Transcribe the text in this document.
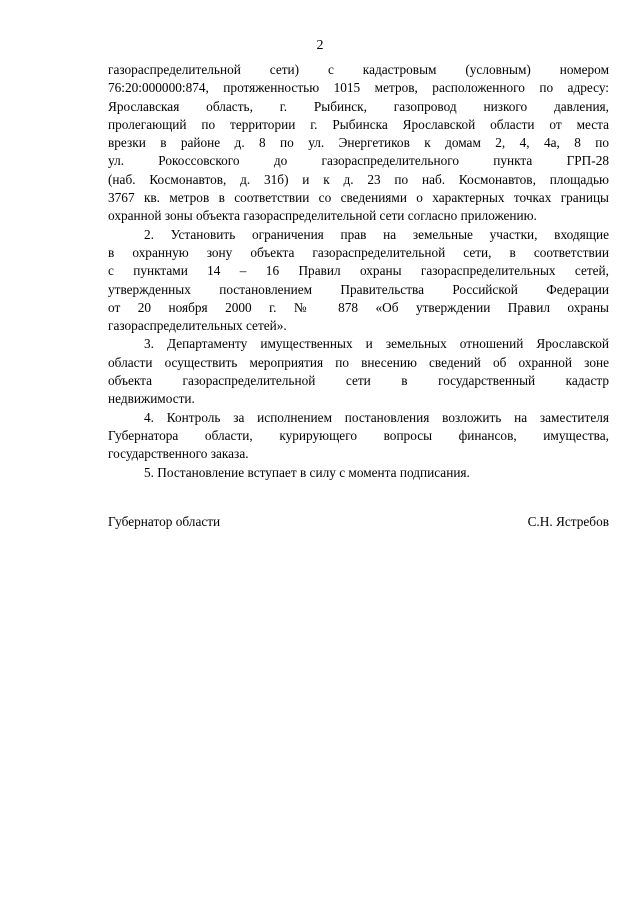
2
газораспределительной сети) с кадастровым (условным) номером
76:20:000000:874, протяженностью 1015 метров, расположенного по адресу:
Ярославская область, г. Рыбинск, газопровод низкого давления,
пролегающий по территории г. Рыбинска Ярославской области от места
врезки в районе д. 8 по ул. Энергетиков к домам 2, 4, 4а, 8 по
ул. Рокоссовского до газораспределительного пункта ГРП-28
(наб. Космонавтов, д. 31б) и к д. 23 по наб. Космонавтов, площадью
3767 кв. метров в соответствии со сведениями о характерных точках границы
охранной зоны объекта газораспределительной сети согласно приложению.
2. Установить ограничения прав на земельные участки, входящие
в охранную зону объекта газораспределительной сети, в соответствии
с пунктами 14 – 16 Правил охраны газораспределительных сетей,
утвержденных постановлением Правительства Российской Федерации
от 20 ноября 2000 г. № 878 «Об утверждении Правил охраны
газораспределительных сетей».
3. Департаменту имущественных и земельных отношений Ярославской
области осуществить мероприятия по внесению сведений об охранной зоне
объекта газораспределительной сети в государственный кадастр
недвижимости.
4. Контроль за исполнением постановления возложить на заместителя
Губернатора области, курирующего вопросы финансов, имущества,
государственного заказа.
5. Постановление вступает в силу с момента подписания.
Губернатор области	С.Н. Ястребов
